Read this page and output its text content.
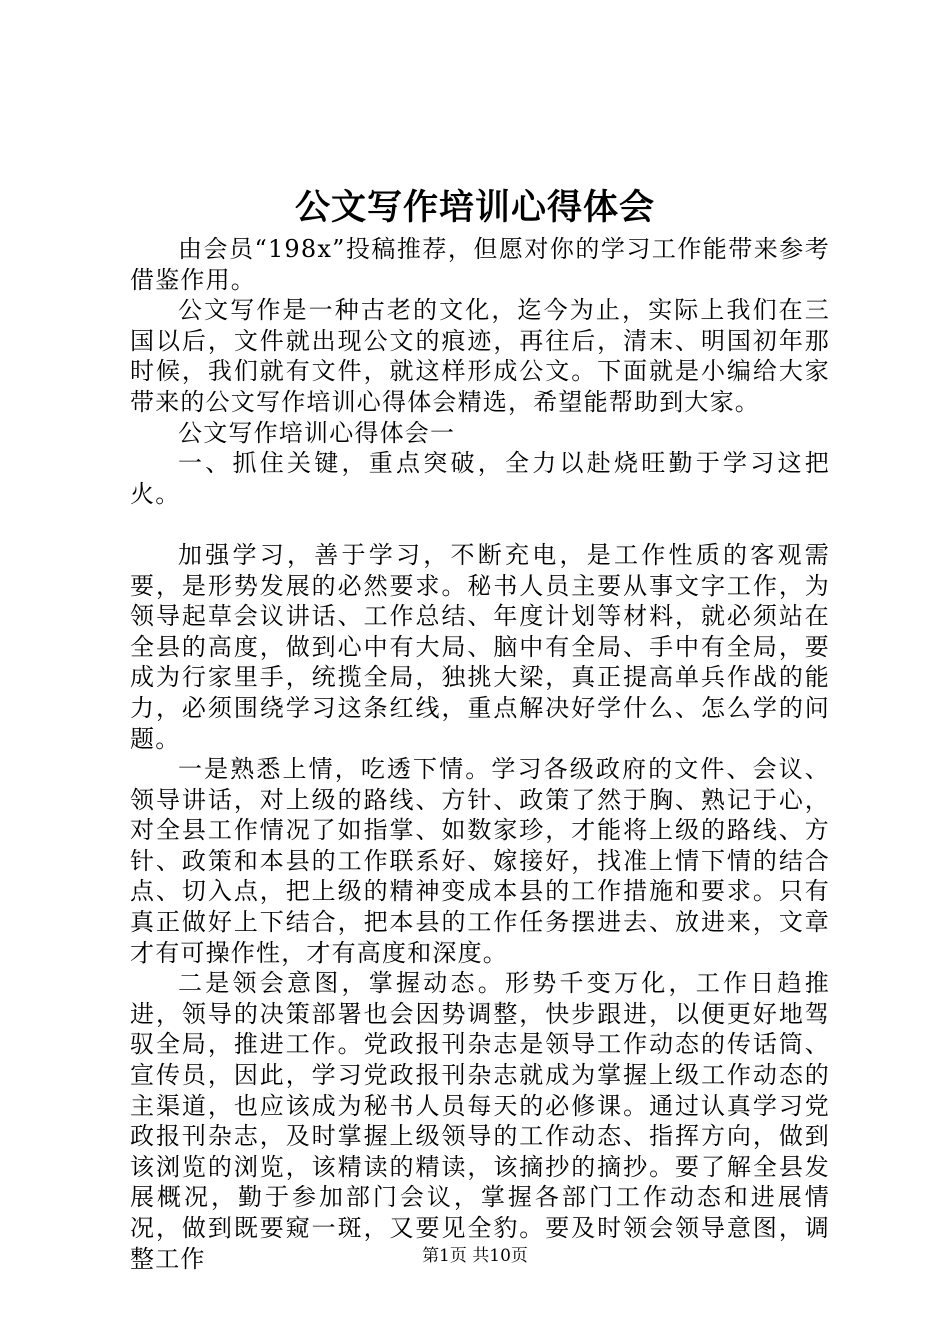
公文写作培训心得体会

由会员“198x”投稿推荐，但愿对你的学习工作能带来参考借鉴作用。

公文写作是一种古老的文化，迄今为止，实际上我们在三国以后，文件就出现公文的痕迹，再往后，清末、明国初年那时候，我们就有文件，就这样形成公文。下面就是小编给大家带来的公文写作培训心得体会精选，希望能帮助到大家。

公文写作培训心得体会一

一、抓住关键，重点突破，全力以赴烧旺勤于学习这把火。

加强学习，善于学习，不断充电，是工作性质的客观需要，是形势发展的必然要求。秘书人员主要从事文字工作，为领导起草会议讲话、工作总结、年度计划等材料，就必须站在全县的高度，做到心中有大局、脑中有全局、手中有全局，要成为行家里手，统揽全局，独挑大梁，真正提高单兵作战的能力，必须围绕学习这条红线，重点解决好学什么、怎么学的问题。

一是熟悉上情，吃透下情。学习各级政府的文件、会议、领导讲话，对上级的路线、方针、政策了然于胸、熟记于心，对全县工作情况了如指掌、如数家珍，才能将上级的路线、方针、政策和本县的工作联系好、嫁接好，找准上情下情的结合点、切入点，把上级的精神变成本县的工作措施和要求。只有真正做好上下结合，把本县的工作任务摆进去、放进来，文章才有可操作性，才有高度和深度。

二是领会意图，掌握动态。形势千变万化，工作日趋推进，领导的决策部署也会因势调整，快步跟进，以便更好地驾驭全局，推进工作。党政报刊杂志是领导工作动态的传话筒、宣传员，因此，学习党政报刊杂志就成为掌握上级工作动态的主渠道，也应该成为秘书人员每天的必修课。通过认真学习党政报刊杂志，及时掌握上级领导的工作动态、指挥方向，做到该浏览的浏览，该精读的精读，该摘抄的摘抄。要了解全县发展概况，勤于参加部门会议，掌握各部门工作动态和进展情况，做到既要窥一斑，又要见全豹。要及时领会领导意图，调整工作	第1页 共10页
